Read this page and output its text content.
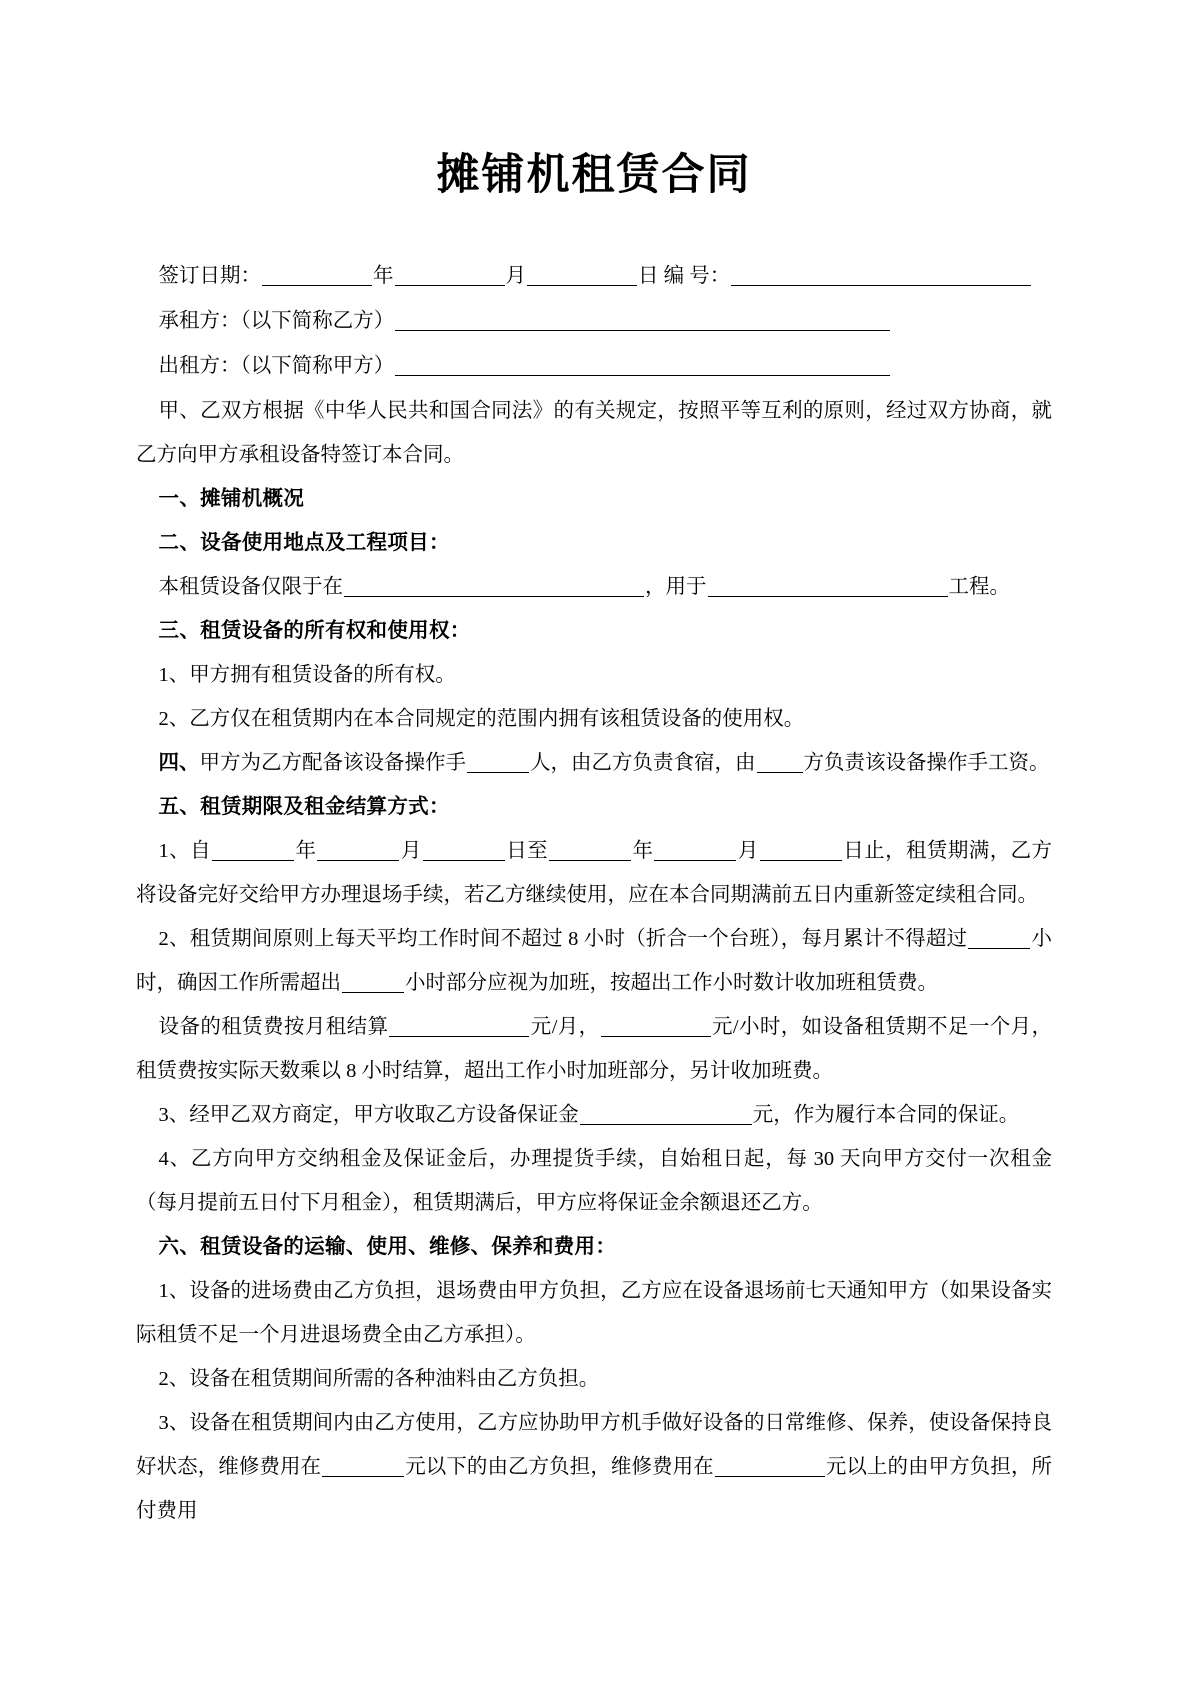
摊铺机租赁合同

签订日期：	年	月	日 编 号：

承租方：（以下简称乙方）

出租方：（以下简称甲方）

甲、乙双方根据《中华人民共和国合同法》的有关规定，按照平等互利的原则，经过双方协商，就乙方向甲方承租设备特签订本合同。

一、摊铺机概况

二、设备使用地点及工程项目：

本租赁设备仅限于在	，用于	工程。

三、租赁设备的所有权和使用权：

1、甲方拥有租赁设备的所有权。

2、乙方仅在租赁期内在本合同规定的范围内拥有该租赁设备的使用权。

四、甲方为乙方配备该设备操作手	人，由乙方负责食宿，由 方负责该设备操作手工资。

五、租赁期限及租金结算方式：

1、自	年	月	日至	年	月	日止，租赁期满，乙方将设备完好交给甲方办理退场手续，若乙方继续使用，应在本合同期满前五日内重新签定续租合同。

2、租赁期间原则上每天平均工作时间不超过 8 小时（折合一个台班），每月累计不得超过	小时，确因工作所需超出	小时部分应视为加班，按超出工作小时数计收加班租赁费。

设备的租赁费按月租结算	元/月，	元/小时，如设备租赁期不足一个月，租赁费按实际天数乘以 8 小时结算，超出工作小时加班部分，另计收加班费。

3、经甲乙双方商定，甲方收取乙方设备保证金	元，作为履行本合同的保证。

4、乙方向甲方交纳租金及保证金后，办理提货手续，自始租日起，每 30 天向甲方交付一次租金（每月提前五日付下月租金），租赁期满后，甲方应将保证金余额退还乙方。

六、租赁设备的运输、使用、维修、保养和费用：

1、设备的进场费由乙方负担，退场费由甲方负担，乙方应在设备退场前七天通知甲方（如果设备实际租赁不足一个月进退场费全由乙方承担）。

2、设备在租赁期间所需的各种油料由乙方负担。

3、设备在租赁期间内由乙方使用，乙方应协助甲方机手做好设备的日常维修、保养，使设备保持良好状态，维修费用在	元以下的由乙方负担，维修费用在	元以上的由甲方负担，所付费用
